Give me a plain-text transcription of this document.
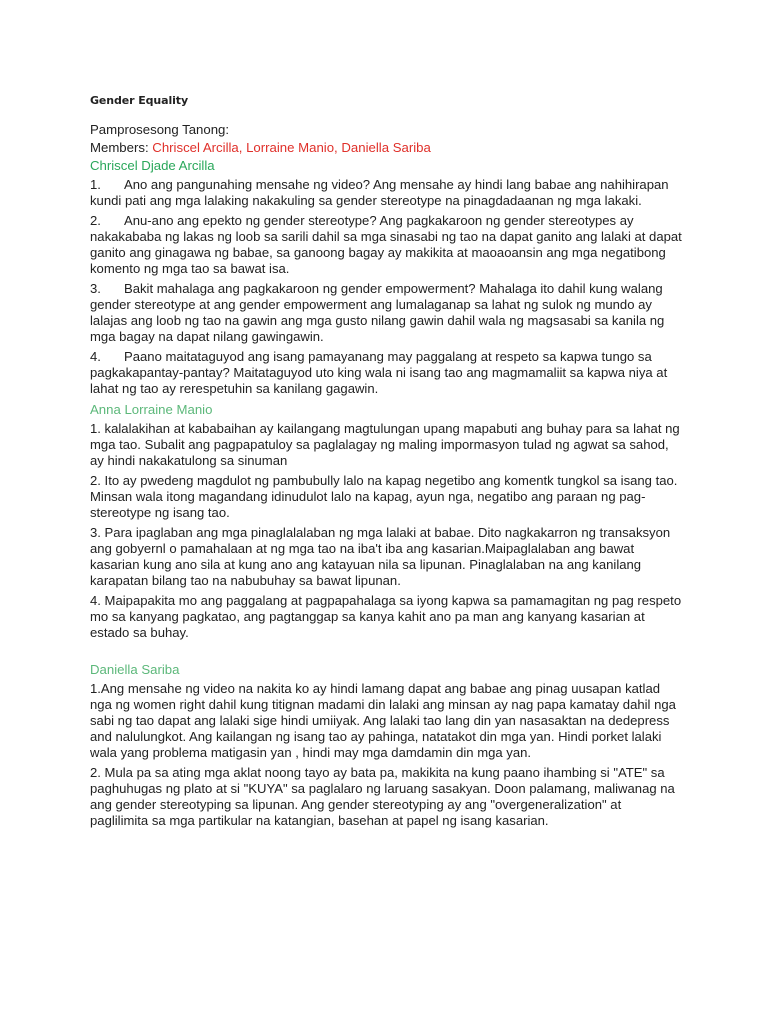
Gender Equality
Pamprosesong Tanong:
Members: Chriscel Arcilla, Lorraine Manio, Daniella Sariba
Chriscel Djade Arcilla
1. Ano ang pangunahing mensahe ng video? Ang mensahe ay hindi lang babae ang nahihirapan kundi pati ang mga lalaking nakakuling sa gender stereotype na pinagdadaanan ng mga lakaki.
2. Anu-ano ang epekto ng gender stereotype? Ang pagkakaroon ng gender stereotypes ay nakakababa ng lakas ng loob sa sarili dahil sa mga sinasabi ng tao na dapat ganito ang lalaki at dapat ganito ang ginagawa ng babae, sa ganoong bagay ay makikita at maoaoansin ang mga negatibong komento ng mga tao sa bawat isa.
3. Bakit mahalaga ang pagkakaroon ng gender empowerment? Mahalaga ito dahil kung walang gender stereotype at ang gender empowerment ang lumalaganap sa lahat ng sulok ng mundo ay lalajas ang loob ng tao na gawin ang mga gusto nilang gawin dahil wala ng magsasabi sa kanila ng mga bagay na dapat nilang gawingawin.
4. Paano maitataguyod ang isang pamayanang may paggalang at respeto sa kapwa tungo sa pagkakapantay-pantay? Maitataguyod uto king wala ni isang tao ang magmamaliit sa kapwa niya at lahat ng tao ay rerespetuhin sa kanilang gagawin.
Anna Lorraine Manio
1. kalalakihan at kababaihan ay kailangang magtulungan upang mapabuti ang buhay para sa lahat ng mga tao. Subalit ang pagpapatuloy sa paglalagay ng maling impormasyon tulad ng agwat sa sahod, ay hindi nakakatulong sa sinuman
2. Ito ay pwedeng magdulot ng pambubully lalo na kapag negetibo ang komentk tungkol sa isang tao. Minsan wala itong magandang idinudulot lalo na kapag, ayun nga, negatibo ang paraan ng pag-stereotype ng isang tao.
3. Para ipaglaban ang mga pinaglalalaban ng mga lalaki at babae. Dito nagkakarron ng transaksyon ang gobyernl o pamahalaan at ng mga tao na iba't iba ang kasarian.Maipaglalaban ang bawat kasarian kung ano sila at kung ano ang katayuan nila sa lipunan. Pinaglalaban na ang kanilang karapatan bilang tao na nabubuhay sa bawat lipunan.
4. Maipapakita mo ang paggalang at pagpapahalaga sa iyong kapwa sa pamamagitan ng pag respeto mo sa kanyang pagkatao, ang pagtanggap sa kanya kahit ano pa man ang kanyang kasarian at estado sa buhay.
Daniella Sariba
1.Ang mensahe ng video na nakita ko ay hindi lamang dapat ang babae ang pinag uusapan katlad nga ng women right dahil kung titignan madami din lalaki ang minsan ay nag papa kamatay dahil nga sabi ng tao dapat ang lalaki sige hindi umiiyak. Ang lalaki tao lang din yan nasasaktan na dedepress and nalulungkot. Ang kailangan ng isang tao ay pahinga, natatakot din mga yan. Hindi porket lalaki wala yang problema matigasin yan , hindi may mga damdamin din mga yan.
2. Mula pa sa ating mga aklat noong tayo ay bata pa, makikita na kung paano ihambing si "ATE" sa paghuhugas ng plato at si "KUYA" sa paglalaro ng laruang sasakyan. Doon palamang, maliwanag na ang gender stereotyping sa lipunan. Ang gender stereotyping ay ang "overgeneralization" at paglilimita sa mga partikular na katangian, basehan at papel ng isang kasarian.
